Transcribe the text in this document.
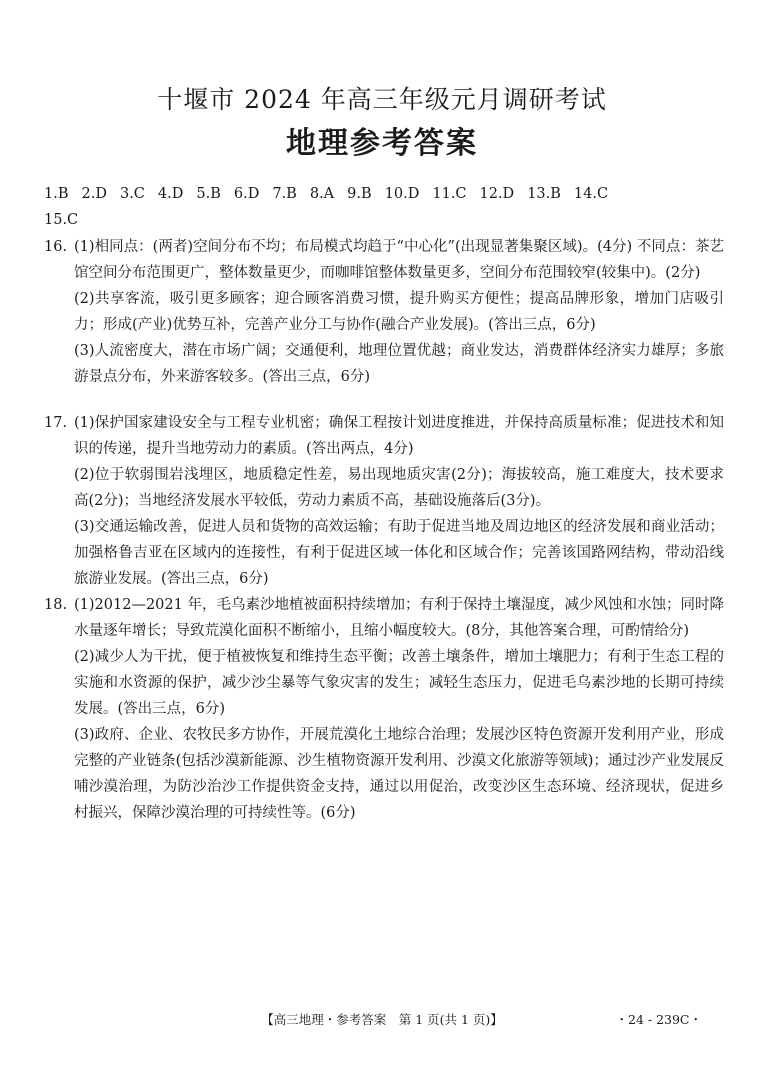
十堰市 2024 年高三年级元月调研考试
地理参考答案
1.B 2.D 3.C 4.D 5.B 6.D 7.B 8.A 9.B 10.D 11.C 12.D 13.B 14.C
15.C
16. (1)相同点：(两者)空间分布不均；布局模式均趋于“中心化”(出现显著集聚区域)。(4分) 不同点：茶艺馆空间分布范围更广，整体数量更少，而咖啡馆整体数量更多，空间分布范围较窄(较集中)。(2分)

(2)共享客流，吸引更多顾客；迎合顾客消费习惯，提升购买方便性；提高品牌形象，增加门店吸引力；形成(产业)优势互补，完善产业分工与协作(融合产业发展)。(答出三点，6分)

(3)人流密度大，潜在市场广阔；交通便利，地理位置优越；商业发达，消费群体经济实力雄厚；多旅游景点分布，外来游客较多。(答出三点，6分)

17. (1)保护国家建设安全与工程专业机密；确保工程按计划进度推进，并保持高质量标准；促进技术和知识的传递，提升当地劳动力的素质。(答出两点，4分)

(2)位于软弱围岩浅埋区，地质稳定性差，易出现地质灾害(2分)；海拔较高，施工难度大，技术要求高(2分)；当地经济发展水平较低，劳动力素质不高，基础设施落后(3分)。

(3)交通运输改善，促进人员和货物的高效运输；有助于促进当地及周边地区的经济发展和商业活动；加强格鲁吉亚在区域内的连接性，有利于促进区域一体化和区域合作；完善该国路网结构，带动沿线旅游业发展。(答出三点，6分)

18. (1)2012—2021 年，毛乌素沙地植被面积持续增加；有利于保持土壤湿度，减少风蚀和水蚀；同时降水量逐年增长；导致荒漠化面积不断缩小，且缩小幅度较大。(8分，其他答案合理，可酌情给分)

(2)减少人为干扰，便于植被恢复和维持生态平衡；改善土壤条件，增加土壤肥力；有利于生态工程的实施和水资源的保护，减少沙尘暴等气象灾害的发生；减轻生态压力，促进毛乌素沙地的长期可持续发展。(答出三点，6分)

(3)政府、企业、农牧民多方协作，开展荒漠化土地综合治理；发展沙区特色资源开发利用产业，形成完整的产业链条(包括沙漠新能源、沙生植物资源开发利用、沙漠文化旅游等领域)；通过沙产业发展反哺沙漠治理，为防沙治沙工作提供资金支持，通过以用促治，改变沙区生态环境、经济现状，促进乡村振兴，保障沙漠治理的可持续性等。(6分)

【高三地理・参考答案　第 1 页(共 1 页)】	・24 - 239C・
